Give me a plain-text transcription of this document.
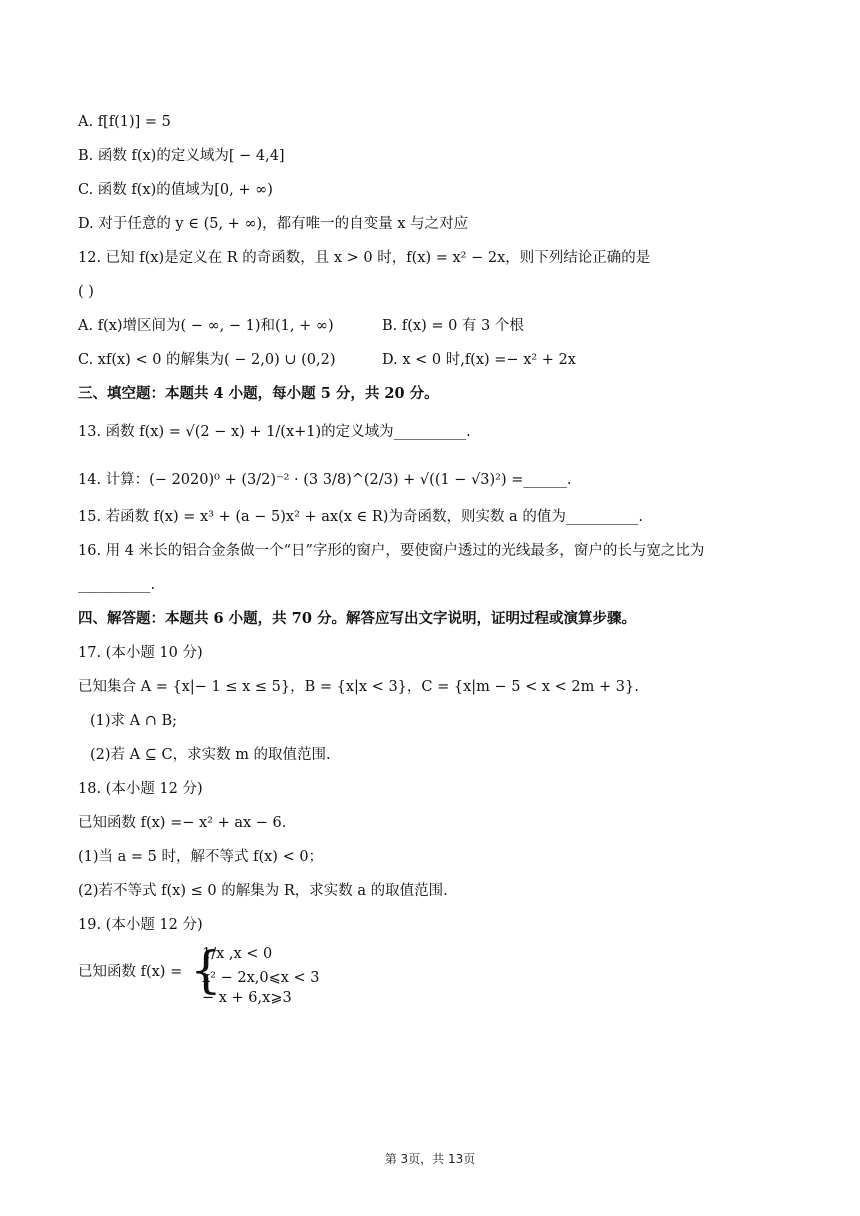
A. f[f(1)] = 5
B. 函数 f(x)的定义域为[ − 4,4]
C. 函数 f(x)的值域为[0, + ∞)
D. 对于任意的 y ∈ (5, + ∞)，都有唯一的自变量 x 与之对应
12. 已知 f(x)是定义在 R 的奇函数，且 x > 0 时，f(x) = x² − 2x，则下列结论正确的是
( )
A. f(x)增区间为( − ∞, − 1)和(1, + ∞)	B. f(x) = 0 有 3 个根
C. xf(x) < 0 的解集为( − 2,0) ∪ (0,2)	D. x < 0 时,f(x) =− x² + 2x
三、填空题：本题共 4 小题，每小题 5 分，共 20 分。
13. 函数 f(x) = √(2 − x) + 1/(x+1)的定义域为__________.
14. 计算：(− 2020)⁰ + (3/2)⁻² · (3 3/8)^(2/3) + √((1 − √3)²) =______.
15. 若函数 f(x) = x³ + (a − 5)x² + ax(x ∈ R)为奇函数，则实数 a 的值为__________.
16. 用 4 米长的铝合金条做一个“日”字形的窗户，要使窗户透过的光线最多，窗户的长与宽之比为
__________.
四、解答题：本题共 6 小题，共 70 分。解答应写出文字说明，证明过程或演算步骤。
17. (本小题 10 分)
已知集合 A = {x|− 1 ≤ x ≤ 5}，B = {x|x < 3}，C = {x|m − 5 < x < 2m + 3}.
(1)求 A ∩ B;
(2)若 A ⊆ C，求实数 m 的取值范围.
18. (本小题 12 分)
已知函数 f(x) =− x² + ax − 6.
(1)当 a = 5 时，解不等式 f(x) < 0；
(2)若不等式 f(x) ≤ 0 的解集为 R，求实数 a 的取值范围.
19. (本小题 12 分)
已知函数 f(x) = {
1/x ,x < 0
x² − 2x,0⩽x < 3
− x + 6,x⩾3
第 3页，共 13页
